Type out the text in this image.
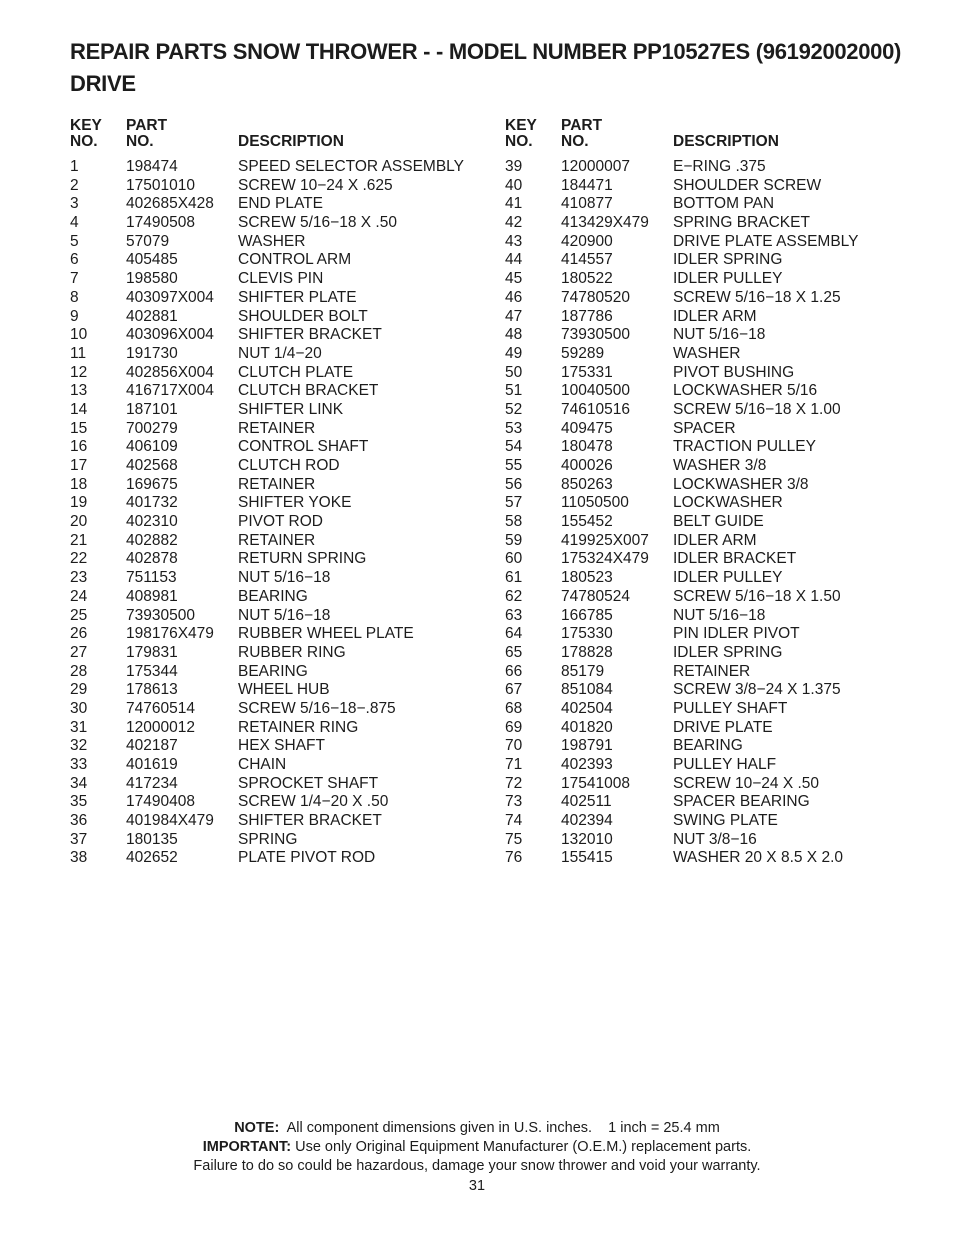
REPAIR PARTS SNOW THROWER - - MODEL NUMBER PP10527ES (96192002000)
DRIVE
KEY
NO.
PART
NO.	DESCRIPTION
1	198474	SPEED SELECTOR ASSEMBLY
2	17501010	SCREW 10−24 X .625
3	402685X428 END PLATE
4	17490508	SCREW 5/16−18 X .50
5	57079	WASHER
6	405485	CONTROL ARM
7	198580	CLEVIS PIN
8	403097X004 SHIFTER PLATE
9	402881	SHOULDER BOLT
10	403096X004 SHIFTER BRACKET
11	191730	NUT 1/4−20
12	402856X004 CLUTCH PLATE
13	416717X004 CLUTCH BRACKET
14	187101	SHIFTER LINK
15	700279	RETAINER
16	406109	CONTROL SHAFT
17	402568	CLUTCH ROD
18	169675	RETAINER
19	401732	SHIFTER YOKE
20	402310	PIVOT ROD
21	402882	RETAINER
22	402878	RETURN SPRING
23	751153	NUT 5/16−18
24	408981	BEARING
25	73930500	NUT 5/16−18
26	198176X479 RUBBER WHEEL PLATE
27	179831	RUBBER RING
28	175344	BEARING
29	178613	WHEEL HUB
30	74760514	SCREW 5/16−18−.875
31	12000012	RETAINER RING
32	402187	HEX SHAFT
33	401619	CHAIN
34	417234	SPROCKET SHAFT
35	17490408	SCREW 1/4−20 X .50
36	401984X479 SHIFTER BRACKET
37	180135	SPRING
38	402652	PLATE PIVOT ROD
KEY
NO.
PART
NO.	DESCRIPTION
39	12000007	E−RING .375
40	184471	SHOULDER SCREW
41	410877	BOTTOM PAN
42	413429X479 SPRING BRACKET
43	420900	DRIVE PLATE ASSEMBLY
44	414557	IDLER SPRING
45	180522	IDLER PULLEY
46	74780520	SCREW 5/16−18 X 1.25
47	187786	IDLER ARM
48	73930500	NUT 5/16−18
49	59289	WASHER
50	175331	PIVOT BUSHING
51	10040500	LOCKWASHER 5/16
52	74610516	SCREW 5/16−18 X 1.00
53	409475	SPACER
54	180478	TRACTION PULLEY
55	400026	WASHER 3/8
56	850263	LOCKWASHER 3/8
57	11050500	LOCKWASHER
58	155452	BELT GUIDE
59	419925X007 IDLER ARM
60	175324X479 IDLER BRACKET
61	180523	IDLER PULLEY
62	74780524	SCREW 5/16−18 X 1.50
63	166785	NUT 5/16−18
64	175330	PIN IDLER PIVOT
65	178828	IDLER SPRING
66	85179	RETAINER
67	851084	SCREW 3/8−24 X 1.375
68	402504	PULLEY SHAFT
69	401820	DRIVE PLATE
70	198791	BEARING
71	402393	PULLEY HALF
72	17541008	SCREW 10−24 X .50
73	402511	SPACER BEARING
74	402394	SWING PLATE
75	132010	NUT 3/8−16
76	155415	WASHER 20 X 8.5 X 2.0
NOTE:  All component dimensions given in U.S. inches.    1 inch = 25.4 mm
IMPORTANT: Use only Original Equipment Manufacturer (O.E.M.) replacement parts.
Failure to do so could be hazardous, damage your snow thrower and void your warranty.
31
